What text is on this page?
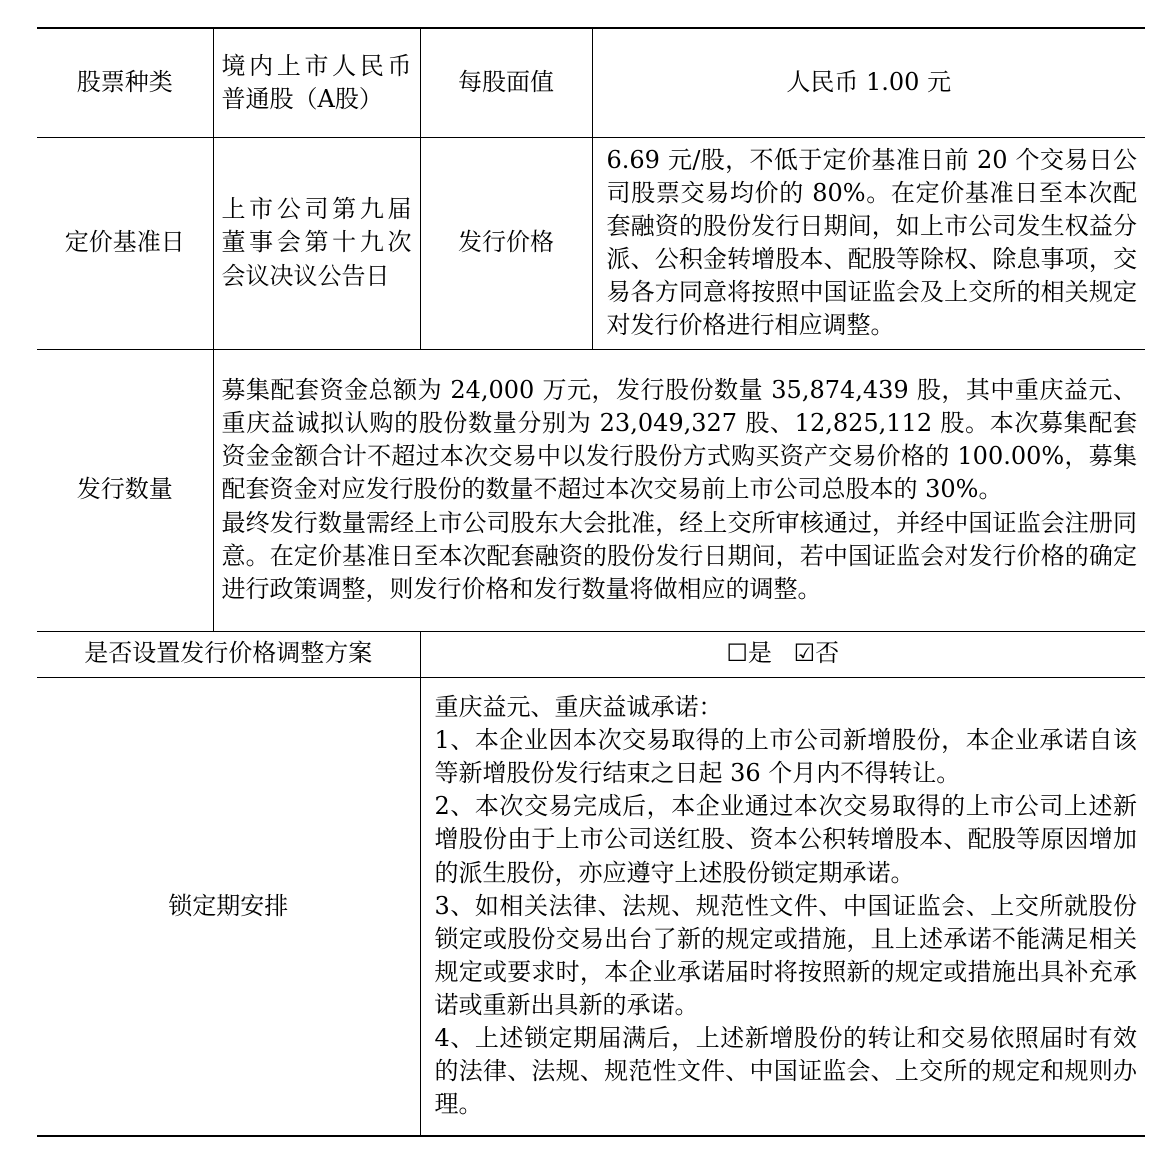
股票种类	境内上市人民币普通股（A股）	每股面值	人民币 1.00 元
定价基准日	上市公司第九届董事会第十九次会议决议公告日	发行价格	6.69 元/股，不低于定价基准日前 20 个交易日公司股票交易均价的 80%。在定价基准日至本次配套融资的股份发行日期间，如上市公司发生权益分派、公积金转增股本、配股等除权、除息事项，交易各方同意将按照中国证监会及上交所的相关规定对发行价格进行相应调整。
发行数量	募集配套资金总额为 24,000 万元，发行股份数量 35,874,439 股，其中重庆益元、重庆益诚拟认购的股份数量分别为 23,049,327 股、12,825,112 股。本次募集配套资金金额合计不超过本次交易中以发行股份方式购买资产交易价格的 100.00%，募集配套资金对应发行股份的数量不超过本次交易前上市公司总股本的 30%。
最终发行数量需经上市公司股东大会批准，经上交所审核通过，并经中国证监会注册同意。在定价基准日至本次配套融资的股份发行日期间，若中国证监会对发行价格的确定进行政策调整，则发行价格和发行数量将做相应的调整。		

是否设置发行价格调整方案		☐是 ☑否	
锁定期安排		重庆益元、重庆益诚承诺：
1、本企业因本次交易取得的上市公司新增股份，本企业承诺自该等新增股份发行结束之日起 36 个月内不得转让。
2、本次交易完成后，本企业通过本次交易取得的上市公司上述新增股份由于上市公司送红股、资本公积转增股本、配股等原因增加的派生股份，亦应遵守上述股份锁定期承诺。
3、如相关法律、法规、规范性文件、中国证监会、上交所就股份锁定或股份交易出台了新的规定或措施，且上述承诺不能满足相关规定或要求时，本企业承诺届时将按照新的规定或措施出具补充承诺或重新出具新的承诺。
4、上述锁定期届满后，上述新增股份的转让和交易依照届时有效的法律、法规、规范性文件、中国证监会、上交所的规定和规则办理。	
